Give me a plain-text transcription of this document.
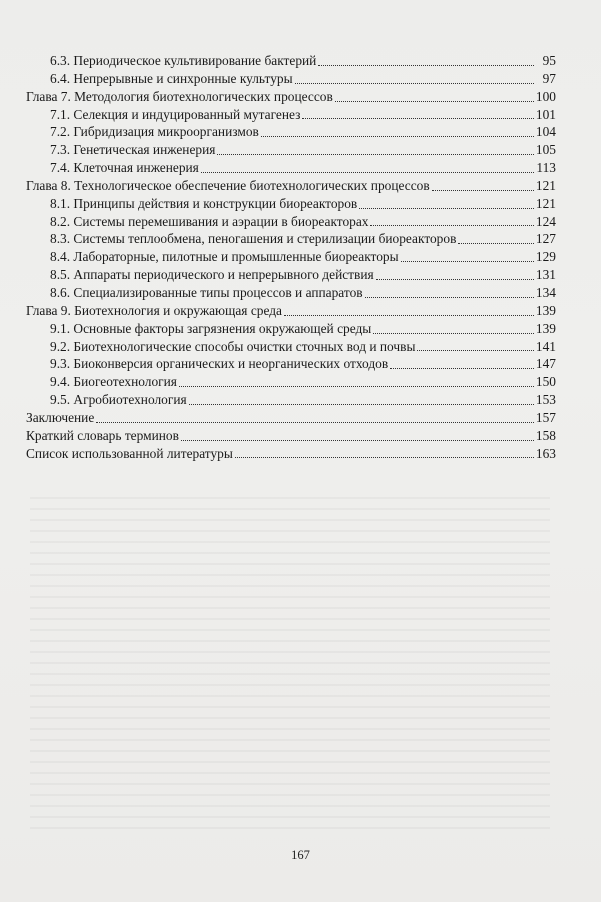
6.3. Периодическое культивирование бактерий	95
6.4. Непрерывные и синхронные культуры	97
Глава 7. Методология биотехнологических процессов	100
7.1. Селекция и индуцированный мутагенез	101
7.2. Гибридизация микроорганизмов	104
7.3. Генетическая инженерия	105
7.4. Клеточная инженерия	113
Глава 8. Технологическое обеспечение биотехнологических процессов	121
8.1. Принципы действия и конструкции биореакторов	121
8.2. Системы перемешивания и аэрации в биореакторах	124
8.3. Системы теплообмена, пеногашения и стерилизации биореакторов	127
8.4. Лабораторные, пилотные и промышленные биореакторы	129
8.5. Аппараты периодического и непрерывного действия	131
8.6. Специализированные типы процессов и аппаратов	134
Глава 9. Биотехнология и окружающая среда	139
9.1. Основные факторы загрязнения окружающей среды	139
9.2. Биотехнологические способы очистки сточных вод и почвы	141
9.3. Биоконверсия органических и неорганических отходов	147
9.4. Биогеотехнология	150
9.5. Агробиотехнология	153
Заключение	157
Краткий словарь терминов	158
Список использованной литературы	163
167
